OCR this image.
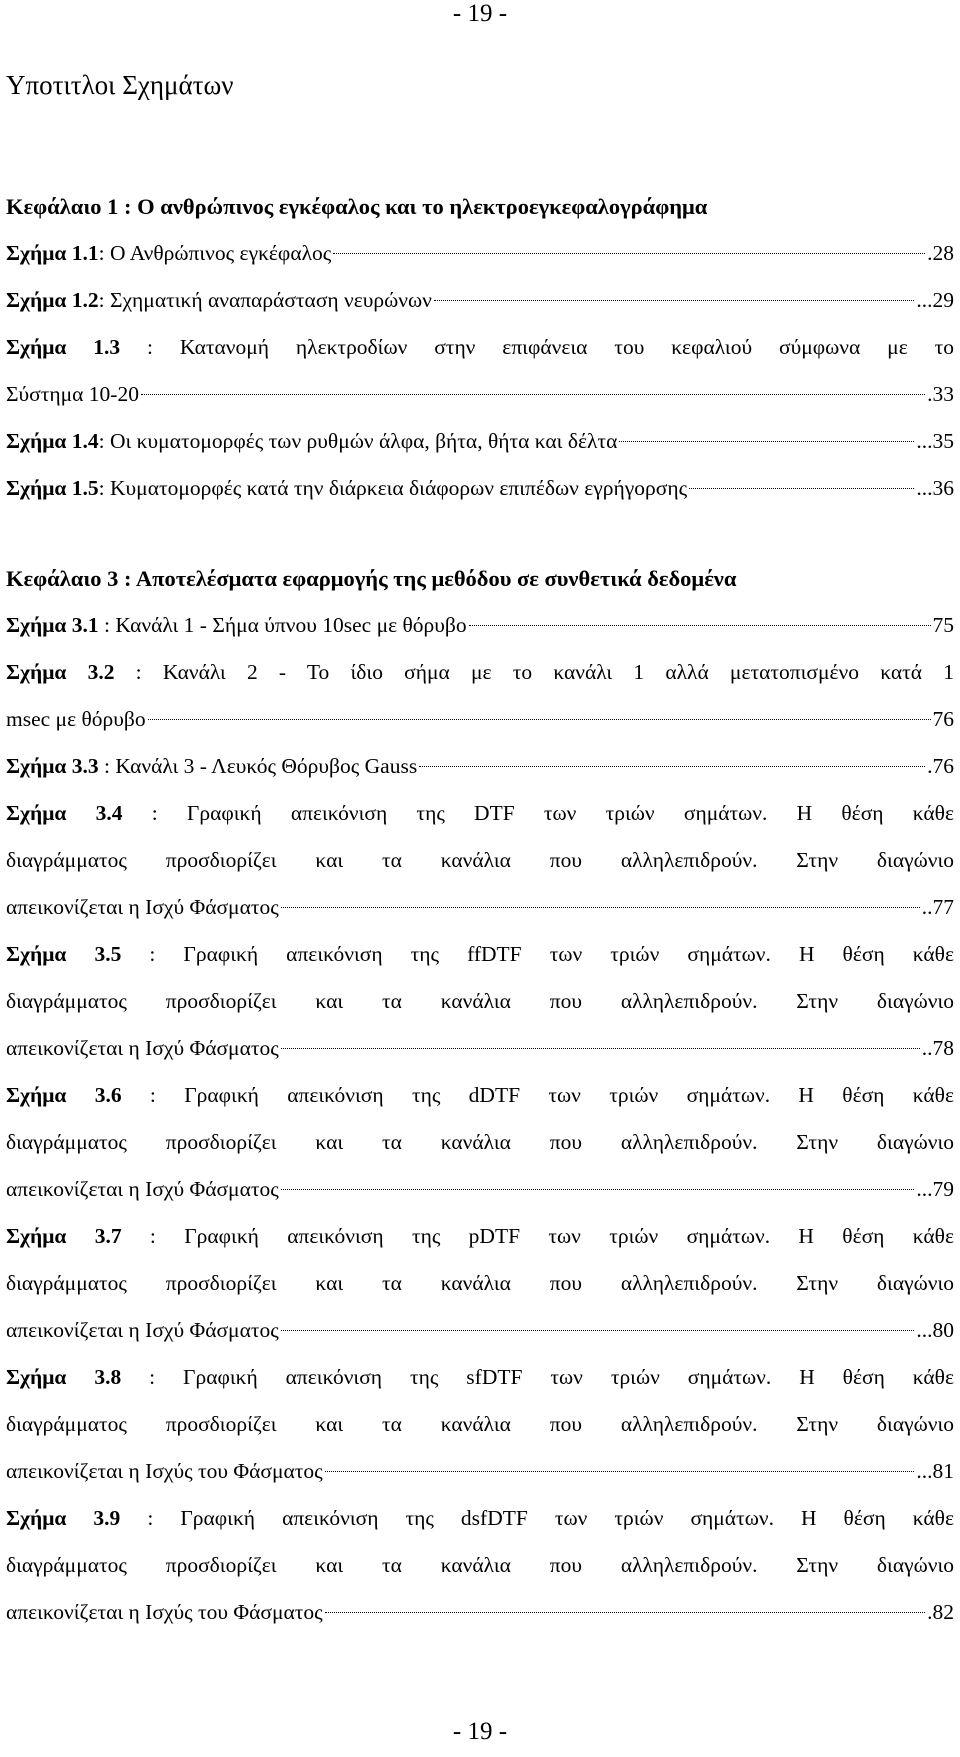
- 19 -
Υποτιτλοι Σχημάτων
Κεφάλαιο 1 : Ο ανθρώπινος εγκέφαλος και το ηλεκτροεγκεφαλογράφημα
Σχήμα 1.1: Ο Ανθρώπινος εγκέφαλος	.28
Σχήμα 1.2: Σχηματική αναπαράσταση νευρώνων	...29
Σχήμα 1.3 : Κατανομή ηλεκτροδίων στην επιφάνεια του κεφαλιού σύμφωνα με το
Σύστημα 10-20	.33
Σχήμα 1.4: Οι κυματομορφές των ρυθμών άλφα, βήτα, θήτα και δέλτα	...35
Σχήμα 1.5: Κυματομορφές κατά την διάρκεια διάφορων επιπέδων εγρήγορσης	...36
Κεφάλαιο 3 : Αποτελέσματα εφαρμογής της μεθόδου σε συνθετικά δεδομένα
Σχήμα 3.1 : Κανάλι 1 - Σήμα ύπνου 10sec με θόρυβο	75
Σχήμα 3.2 : Κανάλι 2 - Το ίδιο σήμα με το κανάλι 1 αλλά μετατοπισμένο κατά 1
msec με θόρυβο	76
Σχήμα 3.3 : Κανάλι 3 - Λευκός Θόρυβος Gauss	.76
Σχήμα 3.4 : Γραφική απεικόνιση της DTF των τριών σημάτων. Η θέση κάθε
διαγράμματος προσδιορίζει και τα κανάλια που αλληλεπιδρούν. Στην διαγώνιο
απεικονίζεται η Ισχύ Φάσματος	..77
Σχήμα 3.5 : Γραφική απεικόνιση της ffDTF των τριών σημάτων. Η θέση κάθε
διαγράμματος προσδιορίζει και τα κανάλια που αλληλεπιδρούν. Στην διαγώνιο
απεικονίζεται η Ισχύ Φάσματος	..78
Σχήμα 3.6 : Γραφική απεικόνιση της dDTF των τριών σημάτων. Η θέση κάθε
διαγράμματος προσδιορίζει και τα κανάλια που αλληλεπιδρούν. Στην διαγώνιο
απεικονίζεται η Ισχύ Φάσματος	...79
Σχήμα 3.7 : Γραφική απεικόνιση της pDTF των τριών σημάτων. Η θέση κάθε
διαγράμματος προσδιορίζει και τα κανάλια που αλληλεπιδρούν. Στην διαγώνιο
απεικονίζεται η Ισχύ Φάσματος	...80
Σχήμα 3.8 : Γραφική απεικόνιση της sfDTF των τριών σημάτων. Η θέση κάθε
διαγράμματος προσδιορίζει και τα κανάλια που αλληλεπιδρούν. Στην διαγώνιο
απεικονίζεται η Ισχύς του Φάσματος	...81
Σχήμα 3.9 : Γραφική απεικόνιση της dsfDTF των τριών σημάτων. Η θέση κάθε
διαγράμματος προσδιορίζει και τα κανάλια που αλληλεπιδρούν. Στην διαγώνιο
απεικονίζεται η Ισχύς του Φάσματος	.82
- 19 -
